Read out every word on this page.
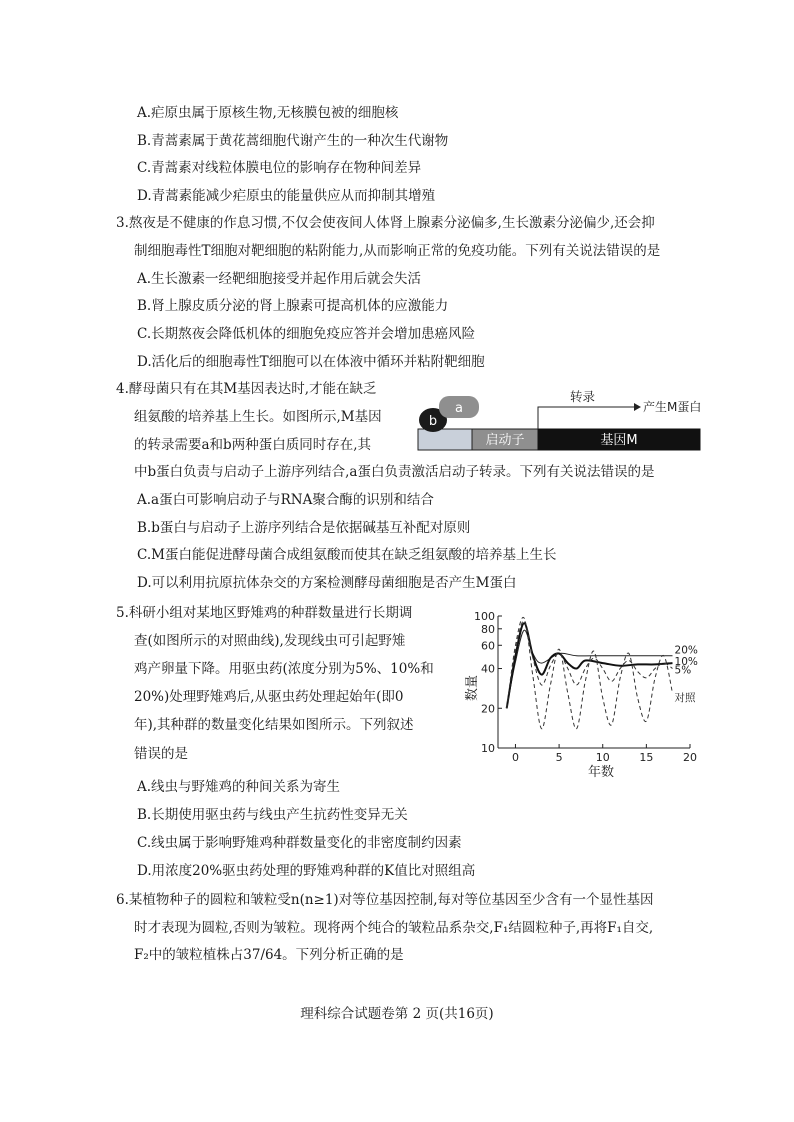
A.疟原虫属于原核生物,无核膜包被的细胞核
B.青蒿素属于黄花蒿细胞代谢产生的一种次生代谢物
C.青蒿素对线粒体膜电位的影响存在物种间差异
D.青蒿素能减少疟原虫的能量供应从而抑制其增殖
3.熬夜是不健康的作息习惯,不仅会使夜间人体肾上腺素分泌偏多,生长激素分泌偏少,还会抑
制细胞毒性T细胞对靶细胞的粘附能力,从而影响正常的免疫功能。下列有关说法错误的是
A.生长激素一经靶细胞接受并起作用后就会失活
B.肾上腺皮质分泌的肾上腺素可提高机体的应激能力
C.长期熬夜会降低机体的细胞免疫应答并会增加患癌风险
D.活化后的细胞毒性T细胞可以在体液中循环并粘附靶细胞
4.酵母菌只有在其M基因表达时,才能在缺乏
组氨酸的培养基上生长。如图所示,M基因
的转录需要a和b两种蛋白质同时存在,其
中b蛋白负责与启动子上游序列结合,a蛋白负责激活启动子转录。下列有关说法错误的是
启动子	基因M
b
a
转录
产生M蛋白
A.a蛋白可影响启动子与RNA聚合酶的识别和结合
B.b蛋白与启动子上游序列结合是依据碱基互补配对原则
C.M蛋白能促进酵母菌合成组氨酸而使其在缺乏组氨酸的培养基上生长
D.可以利用抗原抗体杂交的方案检测酵母菌细胞是否产生M蛋白
5.科研小组对某地区野雉鸡的种群数量进行长期调
查(如图所示的对照曲线),发现线虫可引起野雉
鸡产卵量下降。用驱虫药(浓度分别为5%、10%和
20%)处理野雉鸡后,从驱虫药处理起始年(即0
年),其种群的数量变化结果如图所示。下列叙述
错误的是	10
20
40
60
80
100
0	5	10	15	20
20%
10%
5%
对照
年数
数量
A.线虫与野雉鸡的种间关系为寄生
B.长期使用驱虫药与线虫产生抗药性变异无关
C.线虫属于影响野雉鸡种群数量变化的非密度制约因素
D.用浓度20%驱虫药处理的野雉鸡种群的K值比对照组高
6.某植物种子的圆粒和皱粒受n(n≥1)对等位基因控制,每对等位基因至少含有一个显性基因
时才表现为圆粒,否则为皱粒。现将两个纯合的皱粒品系杂交,F₁结圆粒种子,再将F₁自交,
F₂中的皱粒植株占37/64。下列分析正确的是
理科综合试题卷第 2 页(共16页)
